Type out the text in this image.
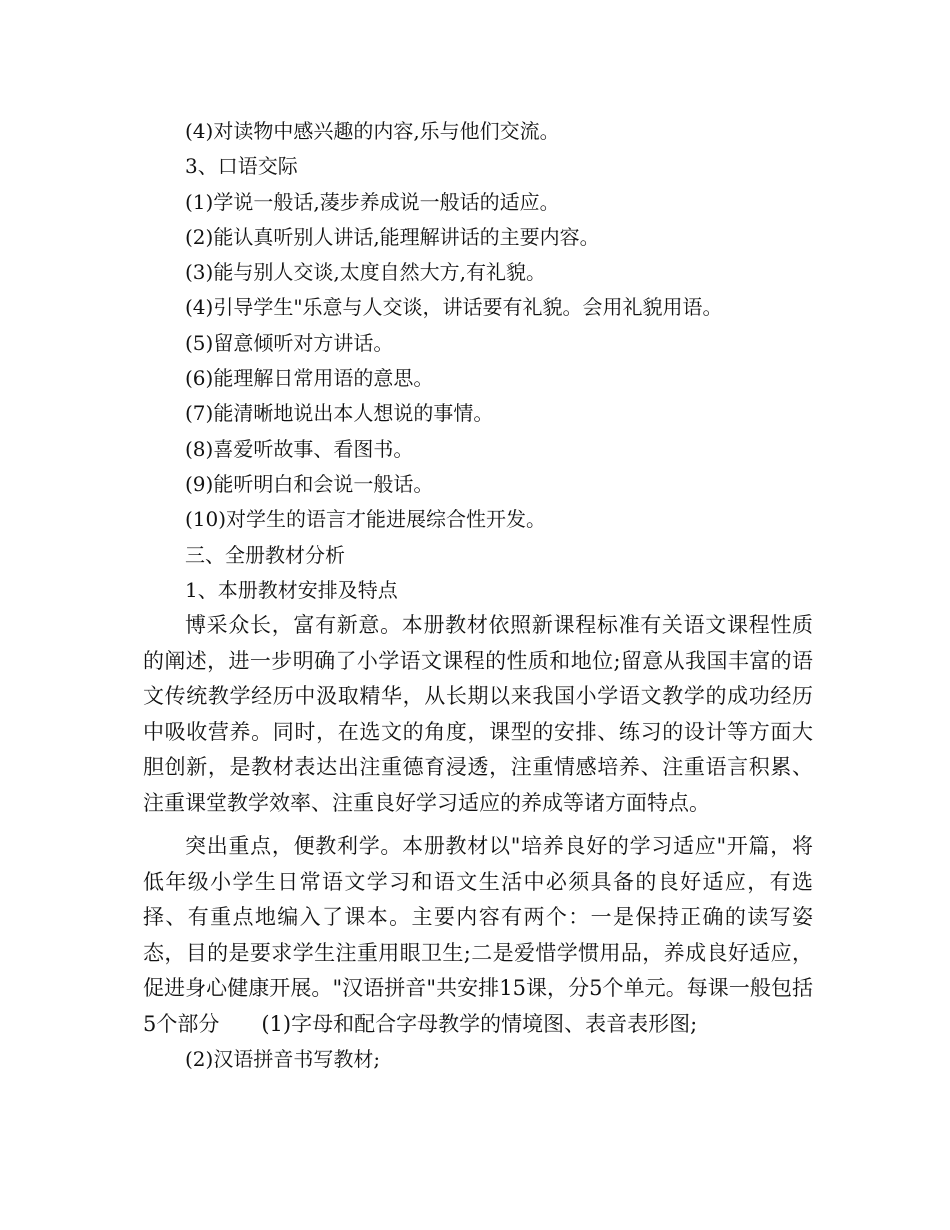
(4)对读物中感兴趣的内容,乐与他们交流。
3、口语交际
(1)学说一般话,蓤步养成说一般话的适应。
(2)能认真听别人讲话,能理解讲话的主要内容。
(3)能与别人交谈,太度自然大方,有礼貌。
(4)引导学生"乐意与人交谈，讲话要有礼貌。会用礼貌用语。
(5)留意倾听对方讲话。
(6)能理解日常用语的意思。
(7)能清晰地说出本人想说的事情。
(8)喜爱听故事、看图书。
(9)能听明白和会说一般话。
(10)对学生的语言才能进展综合性开发。
三、全册教材分析
1、本册教材安排及特点

博采众长，富有新意。本册教材依照新课程标准有关语文课程性质的阐述，进一步明确了小学语文课程的性质和地位;留意从我国丰富的语文传统教学经历中汲取精华，从长期以来我国小学语文教学的成功经历中吸收营养。同时，在选文的角度，课型的安排、练习的设计等方面大胆创新，是教材表达出注重德育浸透，注重情感培养、注重语言积累、注重课堂教学效率、注重良好学习适应的养成等诸方面特点。

突出重点，便教利学。本册教材以"培养良好的学习适应"开篇，将低年级小学生日常语文学习和语文生活中必须具备的良好适应，有选择、有重点地编入了课本。主要内容有两个：一是保持正确的读写姿态，目的是要求学生注重用眼卫生;二是爱惜学惯用品，养成良好适应，促进身心健康开展。"汉语拼音"共安排15课，分5个单元。每课一般包括5个部分　　(1)字母和配合字母教学的情境图、表音表形图;

(2)汉语拼音书写教材;
